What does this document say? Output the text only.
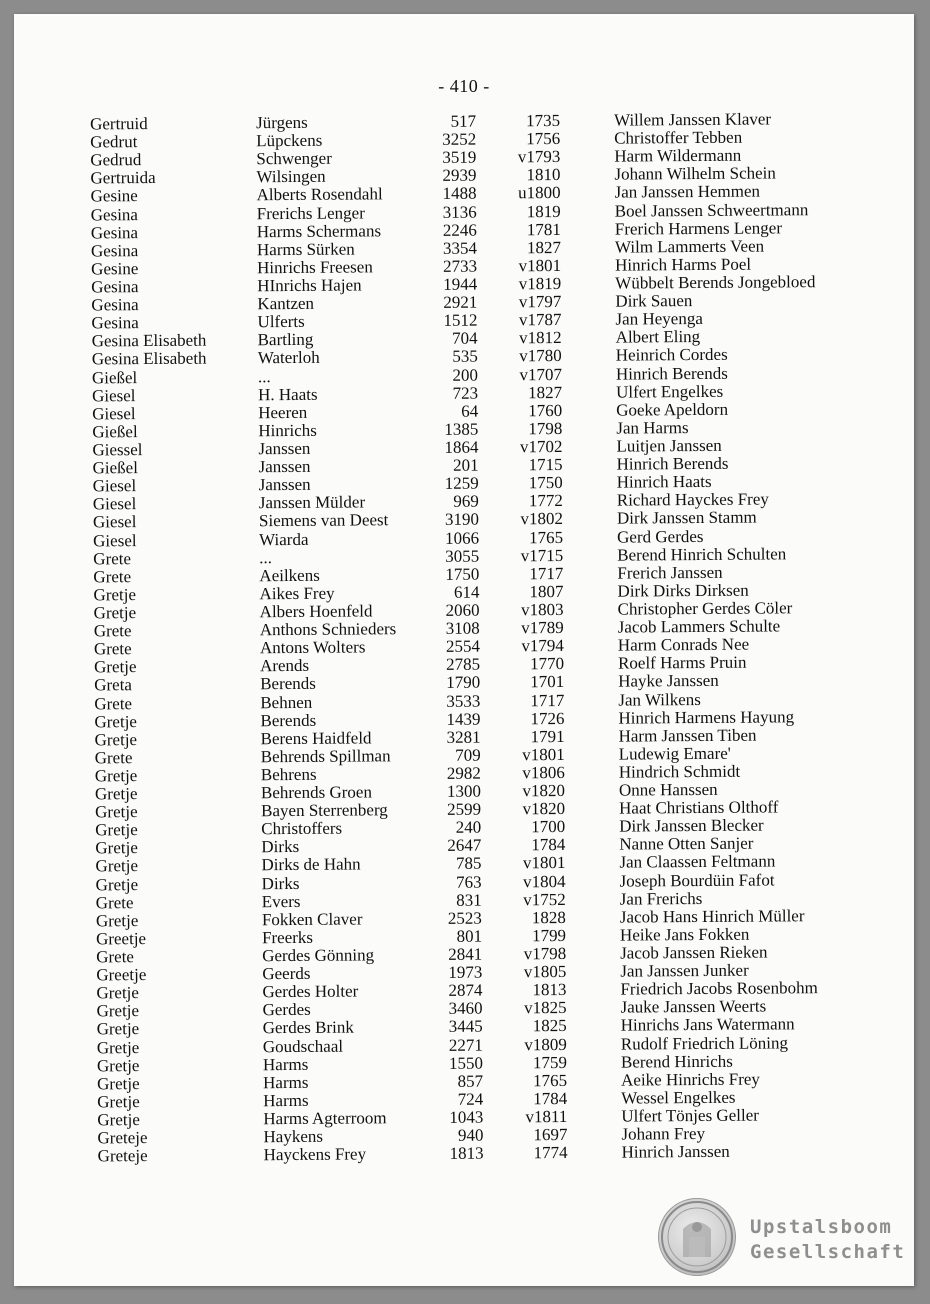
- 410 -
Gertruid	Jürgens	517	1735	Willem Janssen Klaver
Gedrut	Lüpckens	3252	1756	Christoffer Tebben
Gedrud	Schwenger	3519	v1793	Harm Wildermann
Gertruida	Wilsingen	2939	1810	Johann Wilhelm Schein
Gesine	Alberts Rosendahl	1488	u1800	Jan Janssen Hemmen
Gesina	Frerichs Lenger	3136	1819	Boel Janssen Schweertmann
Gesina	Harms Schermans	2246	1781	Frerich Harmens Lenger
Gesina	Harms Sürken	3354	1827	Wilm Lammerts Veen
Gesine	Hinrichs Freesen	2733	v1801	Hinrich Harms Poel
Gesina	HInrichs Hajen	1944	v1819	Wübbelt Berends Jongebloed
Gesina	Kantzen	2921	v1797	Dirk Sauen
Gesina	Ulferts	1512	v1787	Jan Heyenga
Gesina Elisabeth	Bartling	704	v1812	Albert Eling
Gesina Elisabeth	Waterloh	535	v1780	Heinrich Cordes
Gießel	...	200	v1707	Hinrich Berends
Giesel	H. Haats	723	1827	Ulfert Engelkes
Giesel	Heeren	64	1760	Goeke Apeldorn
Gießel	Hinrichs	1385	1798	Jan Harms
Giessel	Janssen	1864	v1702	Luitjen Janssen
Gießel	Janssen	201	1715	Hinrich Berends
Giesel	Janssen	1259	1750	Hinrich Haats
Giesel	Janssen Mülder	969	1772	Richard Hayckes Frey
Giesel	Siemens van Deest	3190	v1802	Dirk Janssen Stamm
Giesel	Wiarda	1066	1765	Gerd Gerdes
Grete	...	3055	v1715	Berend Hinrich Schulten
Grete	Aeilkens	1750	1717	Frerich Janssen
Gretje	Aikes Frey	614	1807	Dirk Dirks Dirksen
Gretje	Albers Hoenfeld	2060	v1803	Christopher Gerdes Cöler
Grete	Anthons Schnieders	3108	v1789	Jacob Lammers Schulte
Grete	Antons Wolters	2554	v1794	Harm Conrads Nee
Gretje	Arends	2785	1770	Roelf Harms Pruin
Greta	Berends	1790	1701	Hayke Janssen
Grete	Behnen	3533	1717	Jan Wilkens
Gretje	Berends	1439	1726	Hinrich Harmens Hayung
Gretje	Berens Haidfeld	3281	1791	Harm Janssen Tiben
Grete	Behrends Spillman	709	v1801	Ludewig Emare'
Gretje	Behrens	2982	v1806	Hindrich Schmidt
Gretje	Behrends Groen	1300	v1820	Onne Hanssen
Gretje	Bayen Sterrenberg	2599	v1820	Haat Christians Olthoff
Gretje	Christoffers	240	1700	Dirk Janssen Blecker
Gretje	Dirks	2647	1784	Nanne Otten Sanjer
Gretje	Dirks de Hahn	785	v1801	Jan Claassen Feltmann
Gretje	Dirks	763	v1804	Joseph Bourdüin Fafot
Grete	Evers	831	v1752	Jan Frerichs
Gretje	Fokken Claver	2523	1828	Jacob Hans Hinrich Müller
Greetje	Freerks	801	1799	Heike Jans Fokken
Grete	Gerdes Gönning	2841	v1798	Jacob Janssen Rieken
Greetje	Geerds	1973	v1805	Jan Janssen Junker
Gretje	Gerdes Holter	2874	1813	Friedrich Jacobs Rosenbohm
Gretje	Gerdes	3460	v1825	Jauke Janssen Weerts
Gretje	Gerdes Brink	3445	1825	Hinrichs Jans Watermann
Gretje	Goudschaal	2271	v1809	Rudolf Friedrich Löning
Gretje	Harms	1550	1759	Berend Hinrichs
Gretje	Harms	857	1765	Aeike Hinrichs Frey
Gretje	Harms	724	1784	Wessel Engelkes
Gretje	Harms Agterroom	1043	v1811	Ulfert Tönjes Geller
Greteje	Haykens	940	1697	Johann Frey
Greteje	Hayckens Frey	1813	1774	Hinrich Janssen
Upstalsboom
Gesellschaft
